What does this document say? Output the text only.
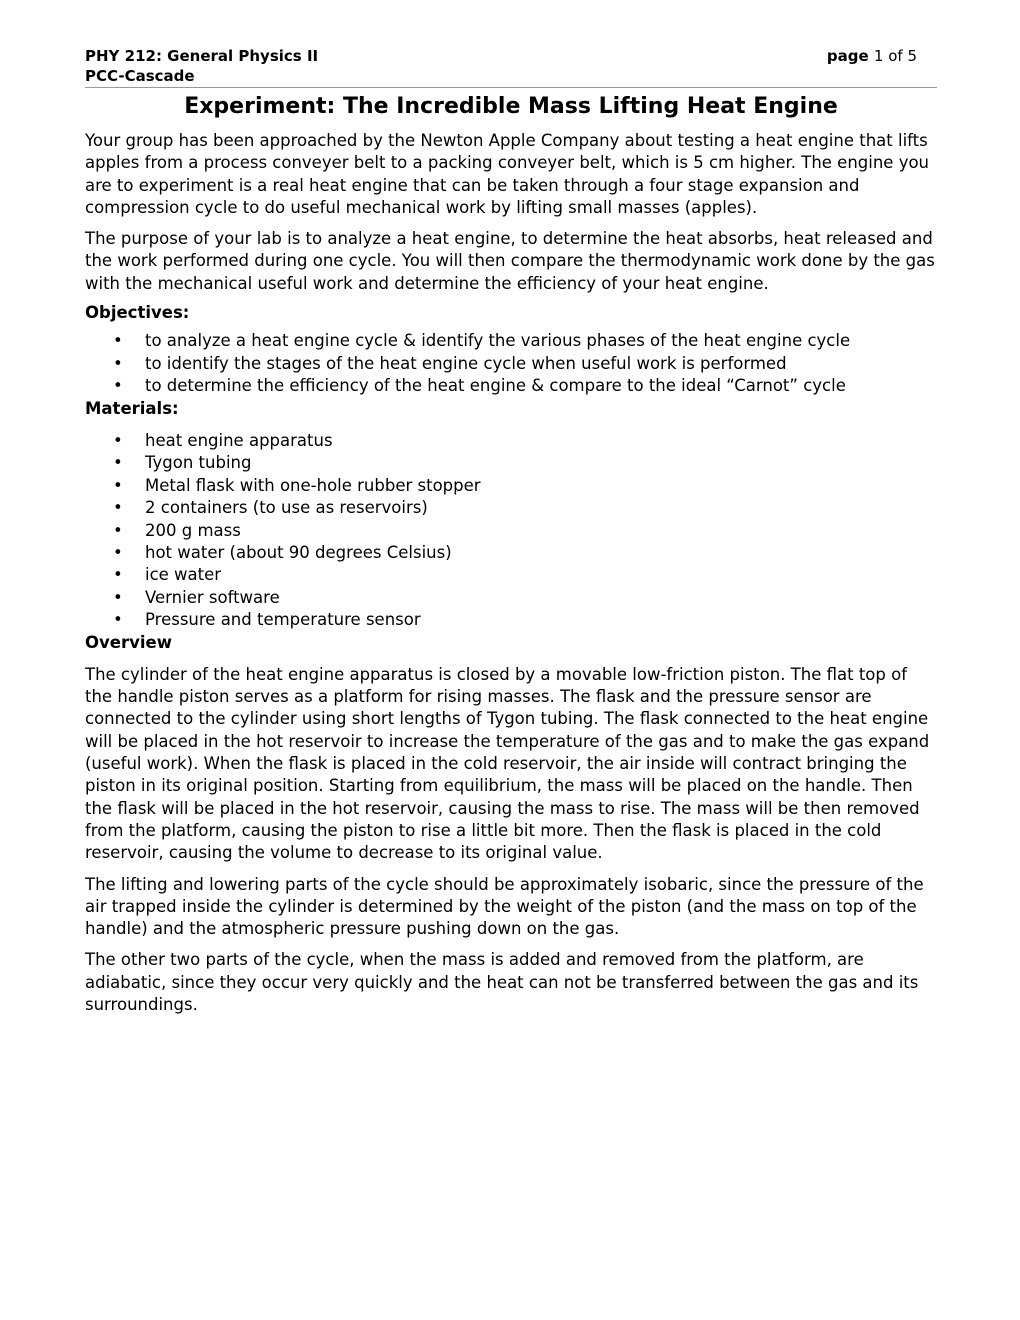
PHY 212: General Physics II	page 1 of 5
PCC-Cascade
Experiment: The Incredible Mass Lifting Heat Engine

Your group has been approached by the Newton Apple Company about testing a heat engine that lifts apples from a process conveyer belt to a packing conveyer belt, which is 5 cm higher. The engine you are to experiment is a real heat engine that can be taken through a four stage expansion and compression cycle to do useful mechanical work by lifting small masses (apples).

The purpose of your lab is to analyze a heat engine, to determine the heat absorbs, heat released and the work performed during one cycle. You will then compare the thermodynamic work done by the gas with the mechanical useful work and determine the efficiency of your heat engine.

Objectives:
• to analyze a heat engine cycle & identify the various phases of the heat engine cycle
• to identify the stages of the heat engine cycle when useful work is performed
• to determine the efficiency of the heat engine & compare to the ideal “Carnot” cycle
Materials:
• heat engine apparatus
• Tygon tubing
• Metal flask with one-hole rubber stopper
• 2 containers (to use as reservoirs)
• 200 g mass
• hot water (about 90 degrees Celsius)
• ice water
• Vernier software
• Pressure and temperature sensor
Overview

The cylinder of the heat engine apparatus is closed by a movable low-friction piston. The flat top of the handle piston serves as a platform for rising masses. The flask and the pressure sensor are connected to the cylinder using short lengths of Tygon tubing. The flask connected to the heat engine will be placed in the hot reservoir to increase the temperature of the gas and to make the gas expand (useful work). When the flask is placed in the cold reservoir, the air inside will contract bringing the piston in its original position. Starting from equilibrium, the mass will be placed on the handle. Then the flask will be placed in the hot reservoir, causing the mass to rise. The mass will be then removed from the platform, causing the piston to rise a little bit more. Then the flask is placed in the cold reservoir, causing the volume to decrease to its original value.

The lifting and lowering parts of the cycle should be approximately isobaric, since the pressure of the air trapped inside the cylinder is determined by the weight of the piston (and the mass on top of the handle) and the atmospheric pressure pushing down on the gas.

The other two parts of the cycle, when the mass is added and removed from the platform, are adiabatic, since they occur very quickly and the heat can not be transferred between the gas and its surroundings.
